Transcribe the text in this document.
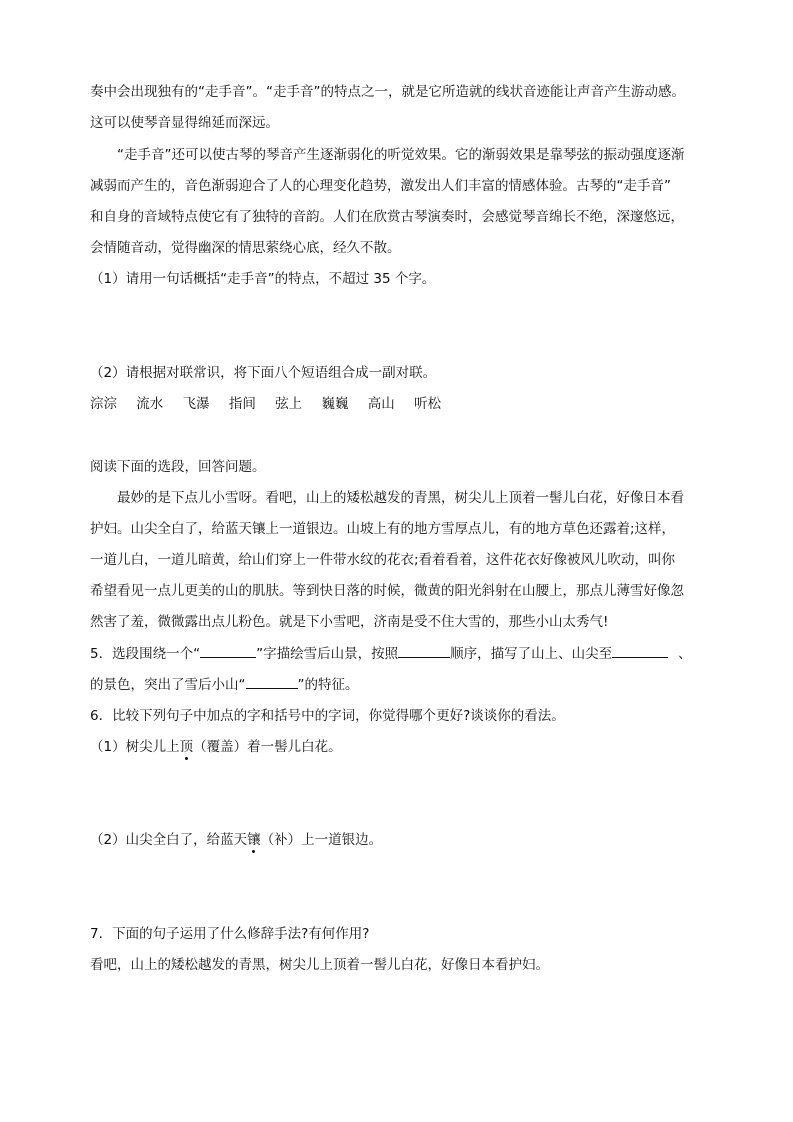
奏中会出现独有的“走手音”。“走手音”的特点之一，就是它所造就的线状音迹能让声音产生游动感。
这可以使琴音显得绵延而深远。
“走手音”还可以使古琴的琴音产生逐渐弱化的听觉效果。它的渐弱效果是靠琴弦的振动强度逐渐
减弱而产生的，音色渐弱迎合了人的心理变化趋势，激发出人们丰富的情感体验。古琴的“走手音”
和自身的音域特点使它有了独特的音韵。人们在欣赏古琴演奏时，会感觉琴音绵长不绝，深邃悠远，
会情随音动，觉得幽深的情思萦绕心底，经久不散。
（1）请用一句话概括“走手音”的特点，不超过 35 个字。
（2）请根据对联常识，将下面八个短语组合成一副对联。
淙淙 流水 飞瀑 指间 弦上 巍巍 高山 听松
阅读下面的选段，回答问题。
最妙的是下点儿小雪呀。看吧，山上的矮松越发的青黑，树尖儿上顶着一髻儿白花，好像日本看
护妇。山尖全白了，给蓝天镶上一道银边。山坡上有的地方雪厚点儿，有的地方草色还露着;这样，
一道儿白，一道儿暗黄，给山们穿上一件带水纹的花衣;看着看着，这件花衣好像被风儿吹动，叫你
希望看见一点儿更美的山的肌肤。等到快日落的时候，微黄的阳光斜射在山腰上，那点儿薄雪好像忽
然害了羞，微微露出点儿粉色。就是下小雪吧，济南是受不住大雪的，那些小山太秀气!
5．选段围绕一个“	”字描绘雪后山景，按照	顺序，描写了山上、山尖至	、
的景色，突出了雪后小山“	”的特征。
6．比较下列句子中加点的字和括号中的字词，你觉得哪个更好?谈谈你的看法。
（1）树尖儿上顶（覆盖）着一髻儿白花。
（2）山尖全白了，给蓝天镶（补）上一道银边。
7．下面的句子运用了什么修辞手法?有何作用?
看吧，山上的矮松越发的青黑，树尖儿上顶着一髻儿白花，好像日本看护妇。
